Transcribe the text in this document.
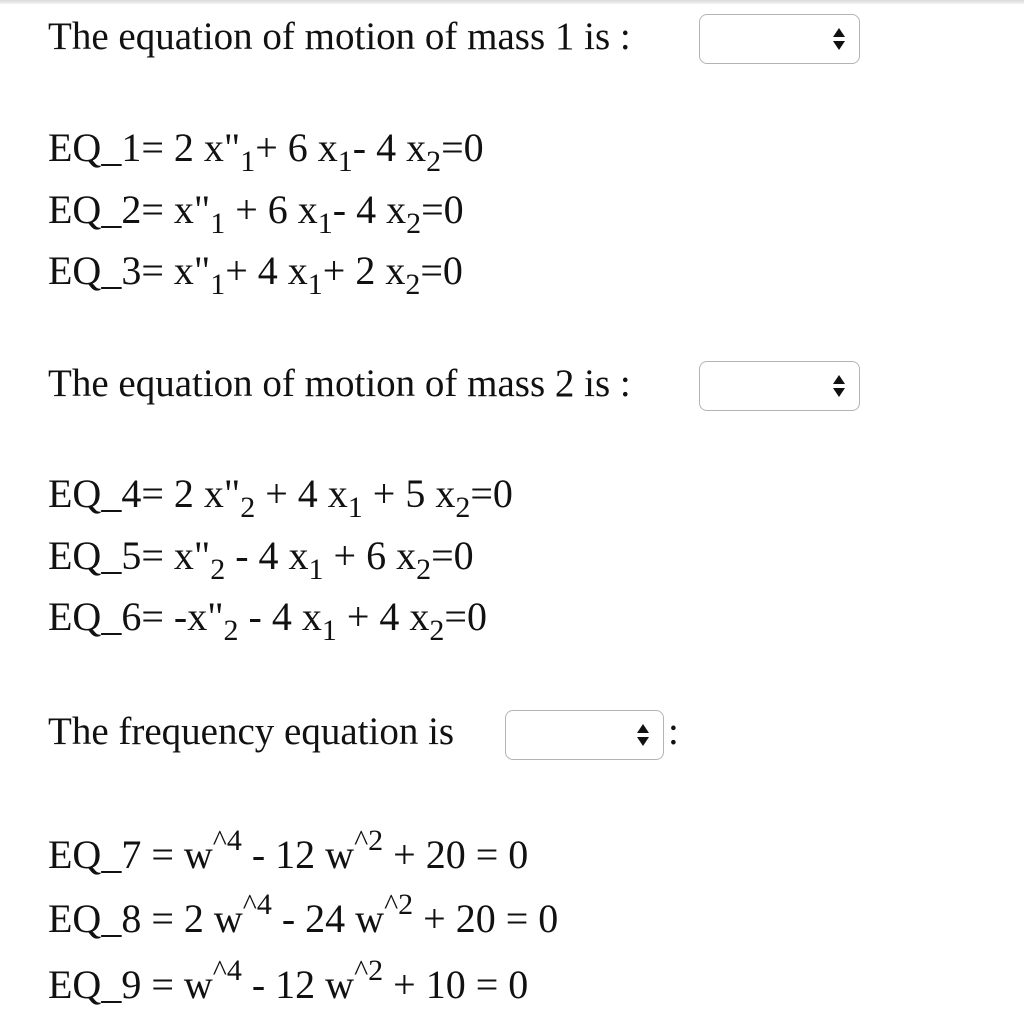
The equation of motion of mass 1 is :
EQ_1= 2 $x"_1+ 6$ $x_1-$ 4 $x_2=0$
EQ_2= $x"_1 + 6$ $x_1-$ 4 $x_2=0$
EQ_3= $x"_1+ 4$ $x_1+ 2$ $x_2=0$
The equation of motion of mass 2 is :
EQ_4= 2 $x"_2 + 4$ $x_1 + 5$ $x_2=0$
EQ_5= $x"_2 - 4$ $x_1 + 6$ $x_2=0$
EQ_6= $-x"_2 - 4$ $x_1 + 4$ $x_2=0$
The frequency equation is	:
EQ_7 = $w^{\^{}4} - 12$ $w^{\^{}2} + 20 = 0$
EQ_8 = 2 $w^{\^{}4} - 24$ $w^{\^{}2} + 20 = 0$
EQ_9 = $w^{\^{}4} - 12$ $w^{\^{}2} + 10 = 0$
